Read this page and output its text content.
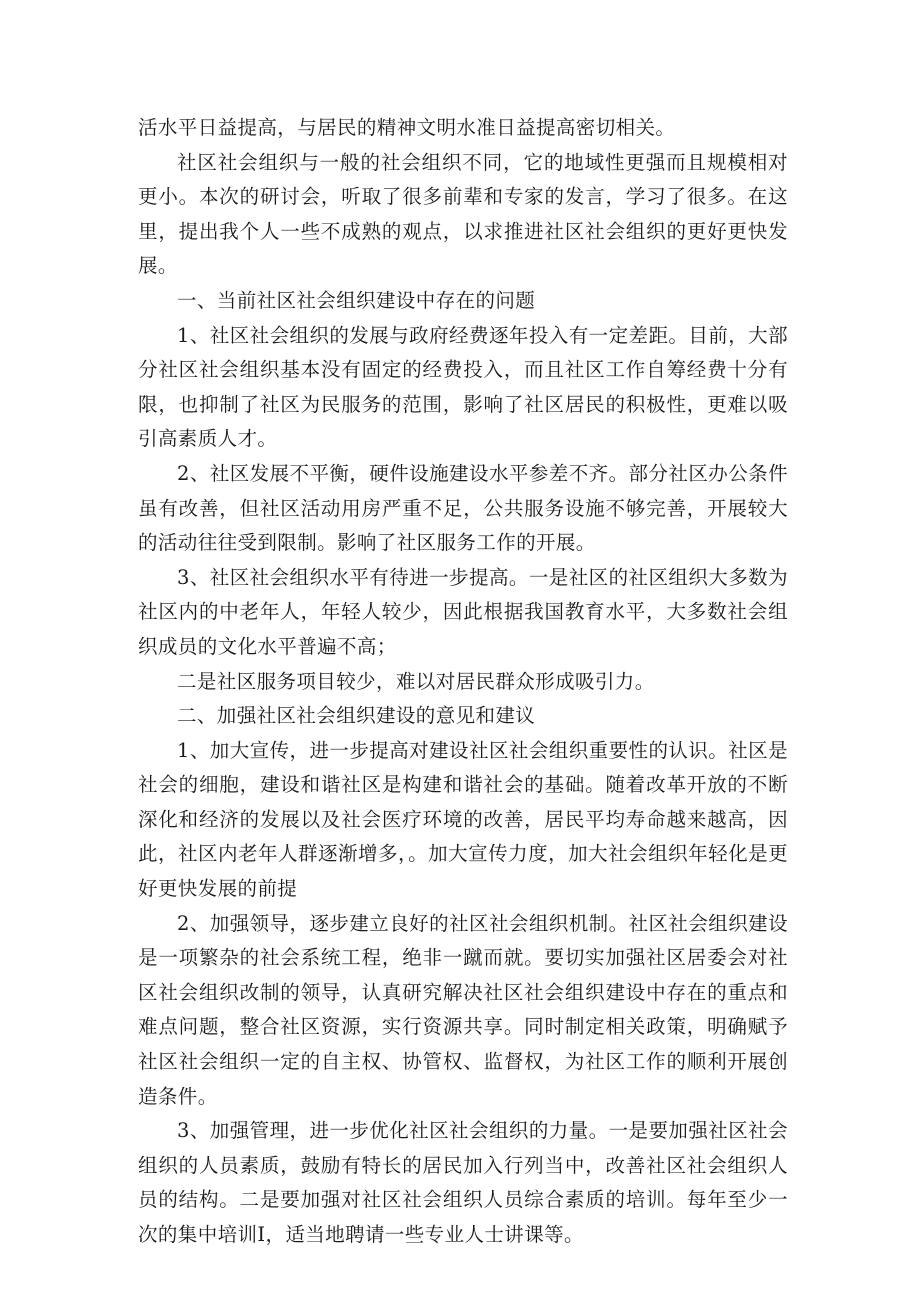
活水平日益提高，与居民的精神文明水准日益提高密切相关。

社区社会组织与一般的社会组织不同，它的地域性更强而且规模相对更小。本次的研讨会，听取了很多前辈和专家的发言，学习了很多。在这里，提出我个人一些不成熟的观点，以求推进社区社会组织的更好更快发展。

一、当前社区社会组织建设中存在的问题

1、社区社会组织的发展与政府经费逐年投入有一定差距。目前，大部分社区社会组织基本没有固定的经费投入，而且社区工作自筹经费十分有限，也抑制了社区为民服务的范围，影响了社区居民的积极性，更难以吸引高素质人才。

2、社区发展不平衡，硬件设施建设水平参差不齐。部分社区办公条件虽有改善，但社区活动用房严重不足，公共服务设施不够完善，开展较大的活动往往受到限制。影响了社区服务工作的开展。

3、社区社会组织水平有待进一步提高。一是社区的社区组织大多数为社区内的中老年人，年轻人较少，因此根据我国教育水平，大多数社会组织成员的文化水平普遍不高；

二是社区服务项目较少，难以对居民群众形成吸引力。

二、加强社区社会组织建设的意见和建议

1、加大宣传，进一步提高对建设社区社会组织重要性的认识。社区是社会的细胞，建设和谐社区是构建和谐社会的基础。随着改革开放的不断深化和经济的发展以及社会医疗环境的改善，居民平均寿命越来越高，因此，社区内老年人群逐渐增多，。加大宣传力度，加大社会组织年轻化是更好更快发展的前提

2、加强领导，逐步建立良好的社区社会组织机制。社区社会组织建设是一项繁杂的社会系统工程，绝非一蹴而就。要切实加强社区居委会对社区社会组织改制的领导，认真研究解决社区社会组织建设中存在的重点和难点问题，整合社区资源，实行资源共享。同时制定相关政策，明确赋予社区社会组织一定的自主权、协管权、监督权，为社区工作的顺利开展创造条件。

3、加强管理，进一步优化社区社会组织的力量。一是要加强社区社会组织的人员素质，鼓励有特长的居民加入行列当中，改善社区社会组织人员的结构。二是要加强对社区社会组织人员综合素质的培训。每年至少一次的集中培训I，适当地聘请一些专业人士讲课等。
